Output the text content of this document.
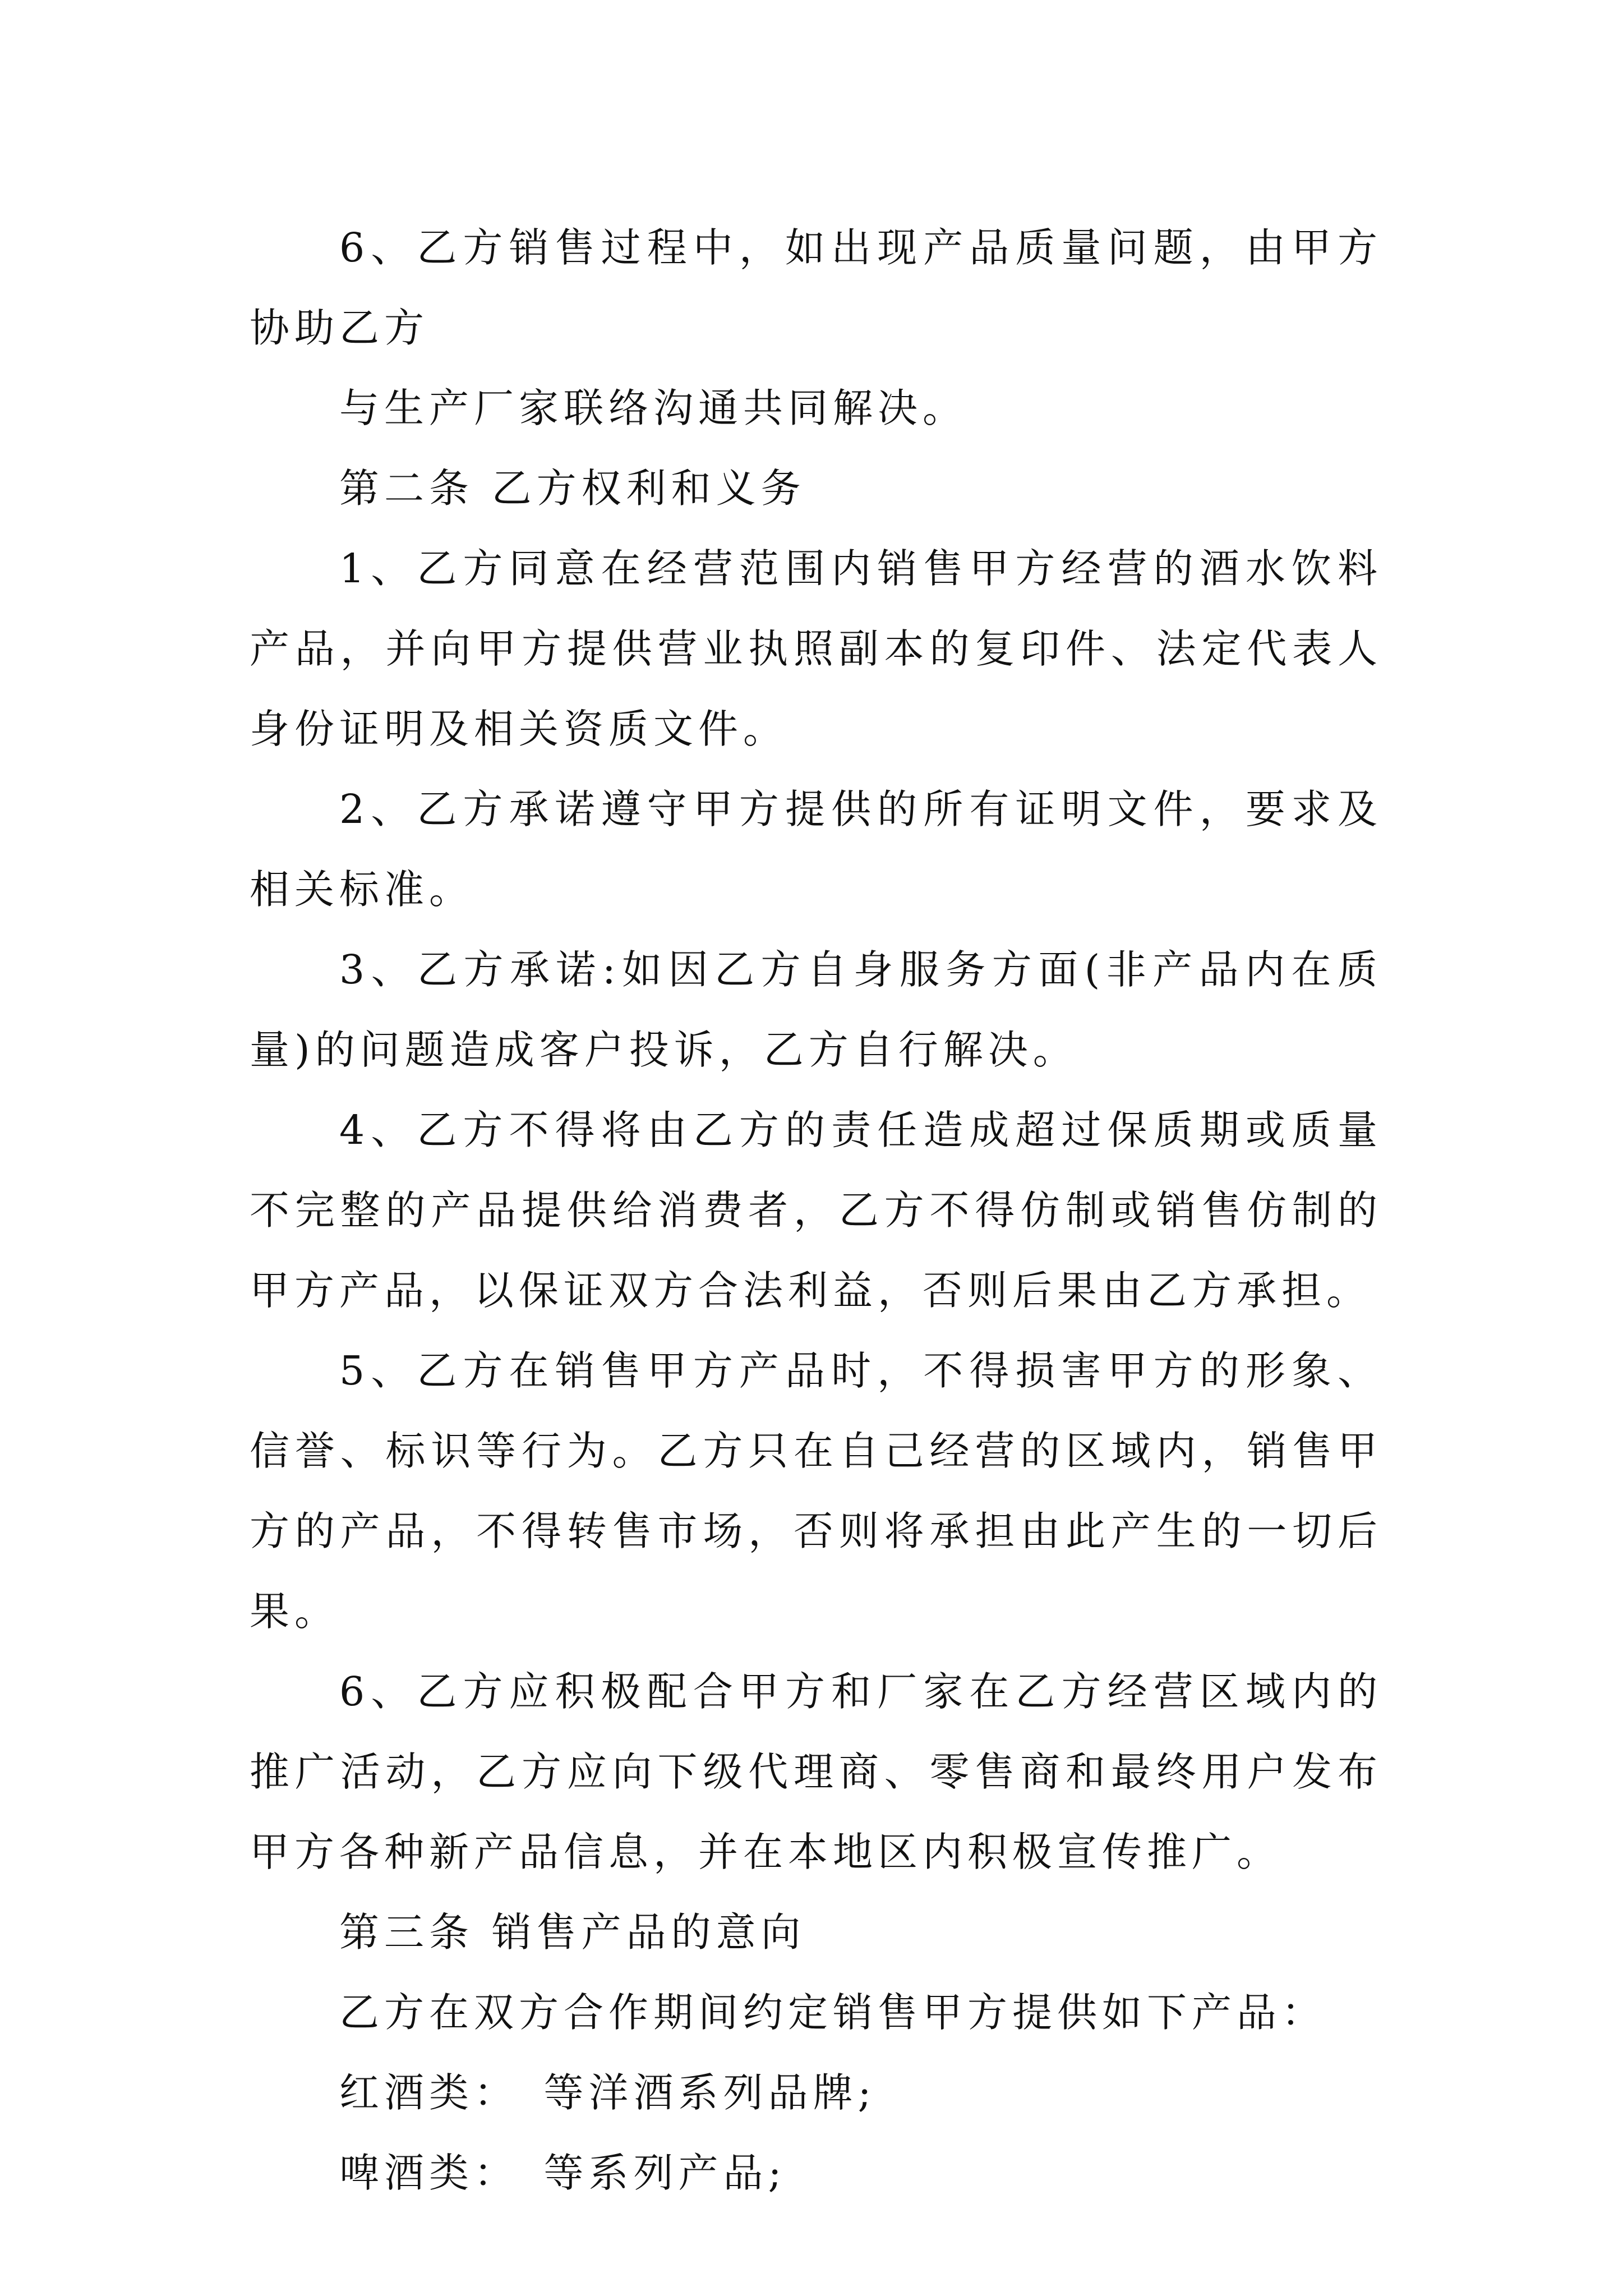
6、乙方销售过程中，如出现产品质量问题，由甲方协助乙方

与生产厂家联络沟通共同解决。

第二条 乙方权利和义务

1、乙方同意在经营范围内销售甲方经营的酒水饮料产品，并向甲方提供营业执照副本的复印件、法定代表人身份证明及相关资质文件。

2、乙方承诺遵守甲方提供的所有证明文件，要求及相关标准。

3、乙方承诺:如因乙方自身服务方面(非产品内在质量)的问题造成客户投诉，乙方自行解决。

4、乙方不得将由乙方的责任造成超过保质期或质量不完整的产品提供给消费者，乙方不得仿制或销售仿制的甲方产品，以保证双方合法利益，否则后果由乙方承担。

5、乙方在销售甲方产品时，不得损害甲方的形象、信誉、标识等行为。乙方只在自己经营的区域内，销售甲方的产品，不得转售市场，否则将承担由此产生的一切后果。

6、乙方应积极配合甲方和厂家在乙方经营区域内的推广活动，乙方应向下级代理商、零售商和最终用户发布甲方各种新产品信息，并在本地区内积极宣传推广。

第三条 销售产品的意向

乙方在双方合作期间约定销售甲方提供如下产品：

红酒类：　等洋酒系列品牌;

啤酒类：　等系列产品;
